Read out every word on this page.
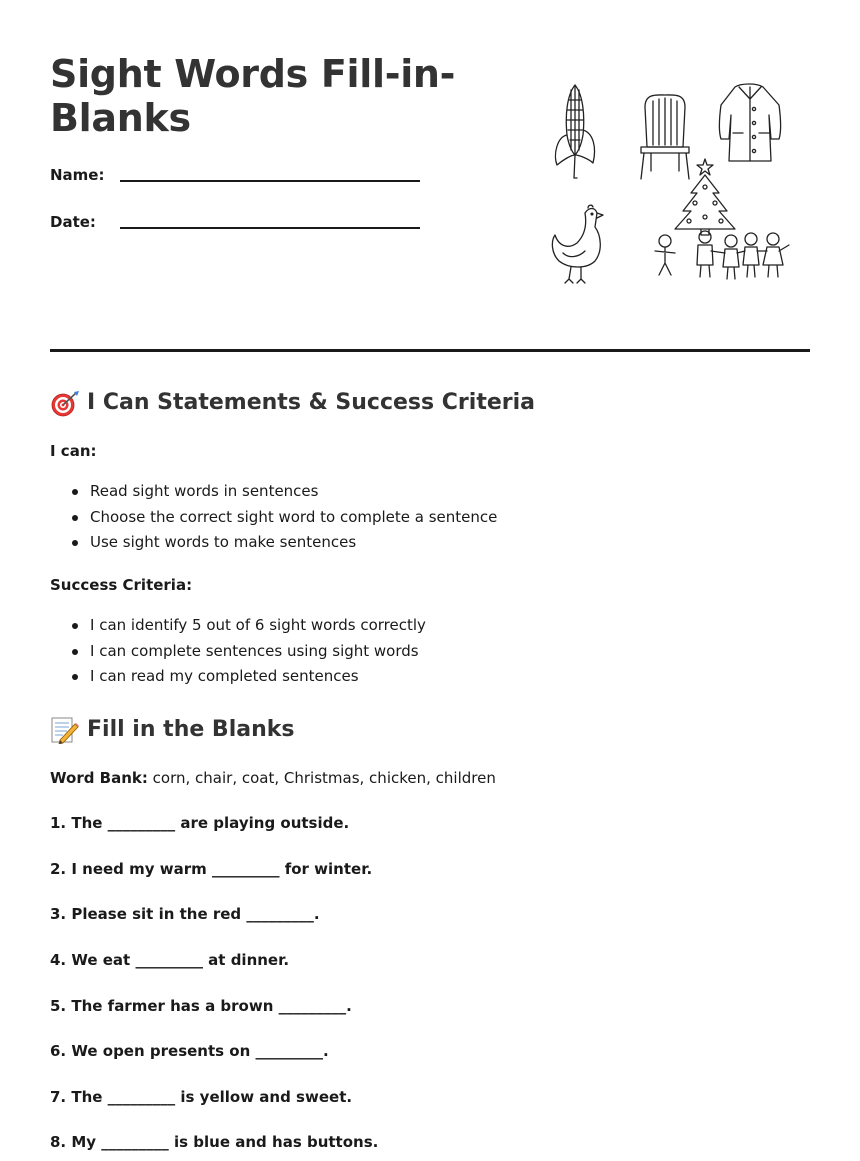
Sight Words Fill-in-Blanks
Name:
Date:
I Can Statements & Success Criteria
I can:
Read sight words in sentences
Choose the correct sight word to complete a sentence
Use sight words to make sentences
Success Criteria:
I can identify 5 out of 6 sight words correctly
I can complete sentences using sight words
I can read my completed sentences
Fill in the Blanks
Word Bank: corn, chair, coat, Christmas, chicken, children
1. The _________ are playing outside.
2. I need my warm _________ for winter.
3. Please sit in the red _________.
4. We eat _________ at dinner.
5. The farmer has a brown _________.
6. We open presents on _________.
7. The _________ is yellow and sweet.
8. My _________ is blue and has buttons.
